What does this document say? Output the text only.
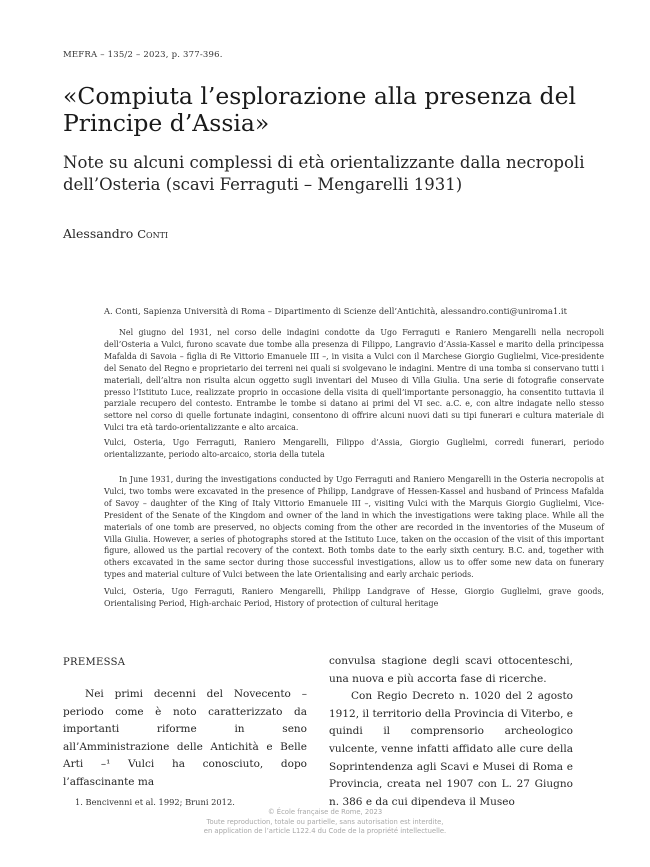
MEFRA – 135/2 – 2023, p. 377-396.
«Compiuta l’esplorazione alla presenza del Principe d’Assia»
Note su alcuni complessi di età orientalizzante dalla necropoli dell’Osteria (scavi Ferraguti – Mengarelli 1931)
Alessandro Conti
A. Conti, Sapienza Università di Roma – Dipartimento di Scienze dell’Antichità, alessandro.conti@uniroma1.it

Nel giugno del 1931, nel corso delle indagini condotte da Ugo Ferraguti e Raniero Mengarelli nella necropoli dell’Osteria a Vulci, furono scavate due tombe alla presenza di Filippo, Langravio d’Assia-Kassel e marito della principessa Mafalda di Savoia – figlia di Re Vittorio Emanuele III –, in visita a Vulci con il Marchese Giorgio Guglielmi, Vice-presidente del Senato del Regno e proprietario dei terreni nei quali si svolgevano le indagini. Mentre di una tomba si conservano tutti i materiali, dell’altra non risulta alcun oggetto sugli inventari del Museo di Villa Giulia. Una serie di fotografie conservate presso l’Istituto Luce, realizzate proprio in occasione della visita di quell’importante personaggio, ha consentito tuttavia il parziale recupero del contesto. Entrambe le tombe si datano ai primi del VI sec. a.C. e, con altre indagate nello stesso settore nel corso di quelle fortunate indagini, consentono di offrire alcuni nuovi dati su tipi funerari e cultura materiale di Vulci tra età tardo-orientalizzante e alto arcaica.

Vulci, Osteria, Ugo Ferraguti, Raniero Mengarelli, Filippo d’Assia, Giorgio Guglielmi, corredi funerari, periodo orientalizzante, periodo alto-arcaico, storia della tutela

In June 1931, during the investigations conducted by Ugo Ferraguti and Raniero Mengarelli in the Osteria necropolis at Vulci, two tombs were excavated in the presence of Philipp, Landgrave of Hessen-Kassel and husband of Princess Mafalda of Savoy – daughter of the King of Italy Vittorio Emanuele III –, visiting Vulci with the Marquis Giorgio Guglielmi, Vice-President of the Senate of the Kingdom and owner of the land in which the investigations were taking place. While all the materials of one tomb are preserved, no objects coming from the other are recorded in the inventories of the Museum of Villa Giulia. However, a series of photographs stored at the Istituto Luce, taken on the occasion of the visit of this important figure, allowed us the partial recovery of the context. Both tombs date to the early sixth century. B.C. and, together with others excavated in the same sector during those successful investigations, allow us to offer some new data on funerary types and material culture of Vulci between the late Orientalising and early archaic periods.

Vulci, Osteria, Ugo Ferraguti, Raniero Mengarelli, Philipp Landgrave of Hesse, Giorgio Guglielmi, grave goods, Orientalising Period, High-archaic Period, History of protection of cultural heritage

PREMESSA

Nei primi decenni del Novecento – periodo come è noto caratterizzato da importanti riforme in seno all’Amministrazione delle Antichità e Belle Arti –¹ Vulci ha conosciuto, dopo l’affascinante ma

convulsa stagione degli scavi ottocenteschi, una nuova e più accorta fase di ricerche.

Con Regio Decreto n. 1020 del 2 agosto 1912, il territorio della Provincia di Viterbo, e quindi il comprensorio archeologico vulcente, venne infatti affidato alle cure della Soprintendenza agli Scavi e Musei di Roma e Provincia, creata nel 1907 con L. 27 Giugno n. 386 e da cui dipendeva il Museo

1. Bencivenni et al. 1992; Bruni 2012.
© École française de Rome, 2023
Toute reproduction, totale ou partielle, sans autorisation est interdite,
en application de l’article L122.4 du Code de la propriété intellectuelle.
